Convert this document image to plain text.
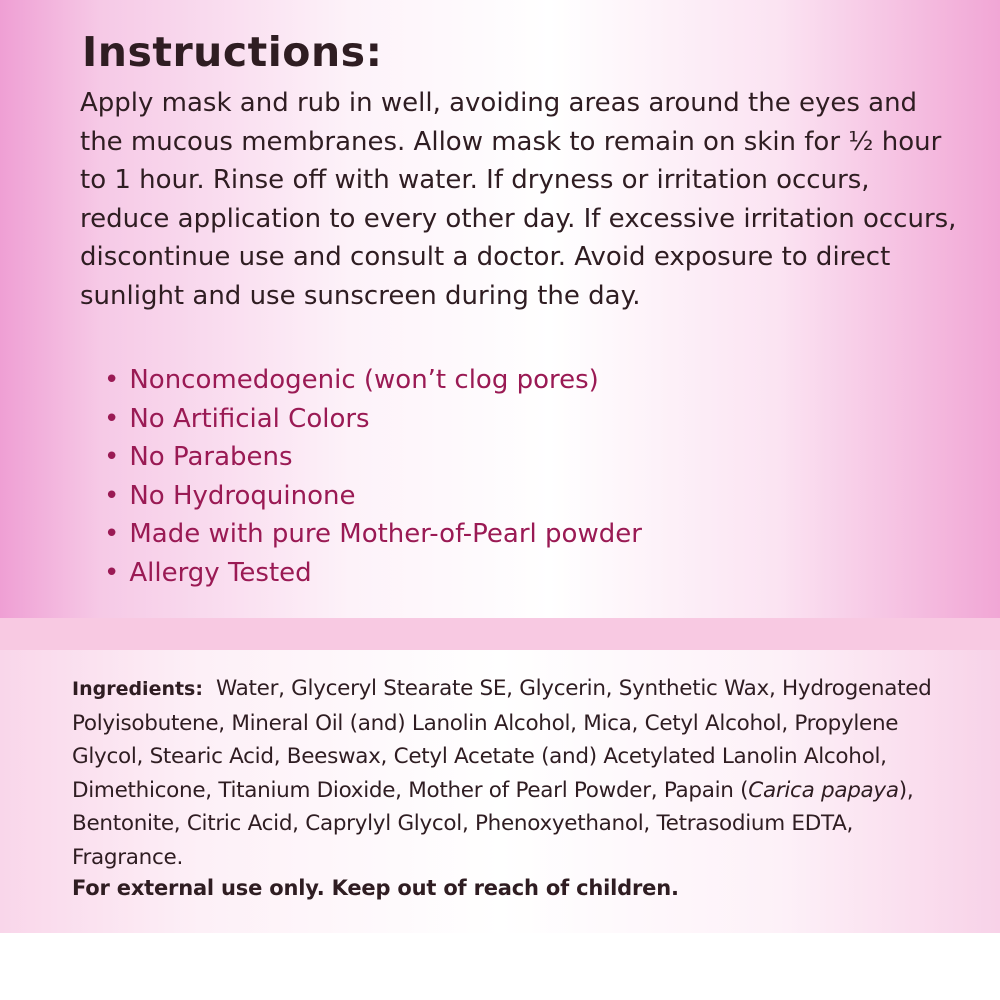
Instructions:

Apply mask and rub in well, avoiding areas around the eyes and the mucous membranes. Allow mask to remain on skin for ½ hour to 1 hour. Rinse off with water. If dryness or irritation occurs, reduce application to every other day. If excessive irritation occurs, discontinue use and consult a doctor. Avoid exposure to direct sunlight and use sunscreen during the day.

• Noncomedogenic (won’t clog pores)
• No Artificial Colors
• No Parabens
• No Hydroquinone
• Made with pure Mother-of-Pearl powder
• Allergy Tested

Ingredients: Water, Glyceryl Stearate SE, Glycerin, Synthetic Wax, Hydrogenated Polyisobutene, Mineral Oil (and) Lanolin Alcohol, Mica, Cetyl Alcohol, Propylene Glycol, Stearic Acid, Beeswax, Cetyl Acetate (and) Acetylated Lanolin Alcohol, Dimethicone, Titanium Dioxide, Mother of Pearl Powder, Papain (Carica papaya), Bentonite, Citric Acid, Caprylyl Glycol, Phenoxyethanol, Tetrasodium EDTA, Fragrance.

For external use only. Keep out of reach of children.
